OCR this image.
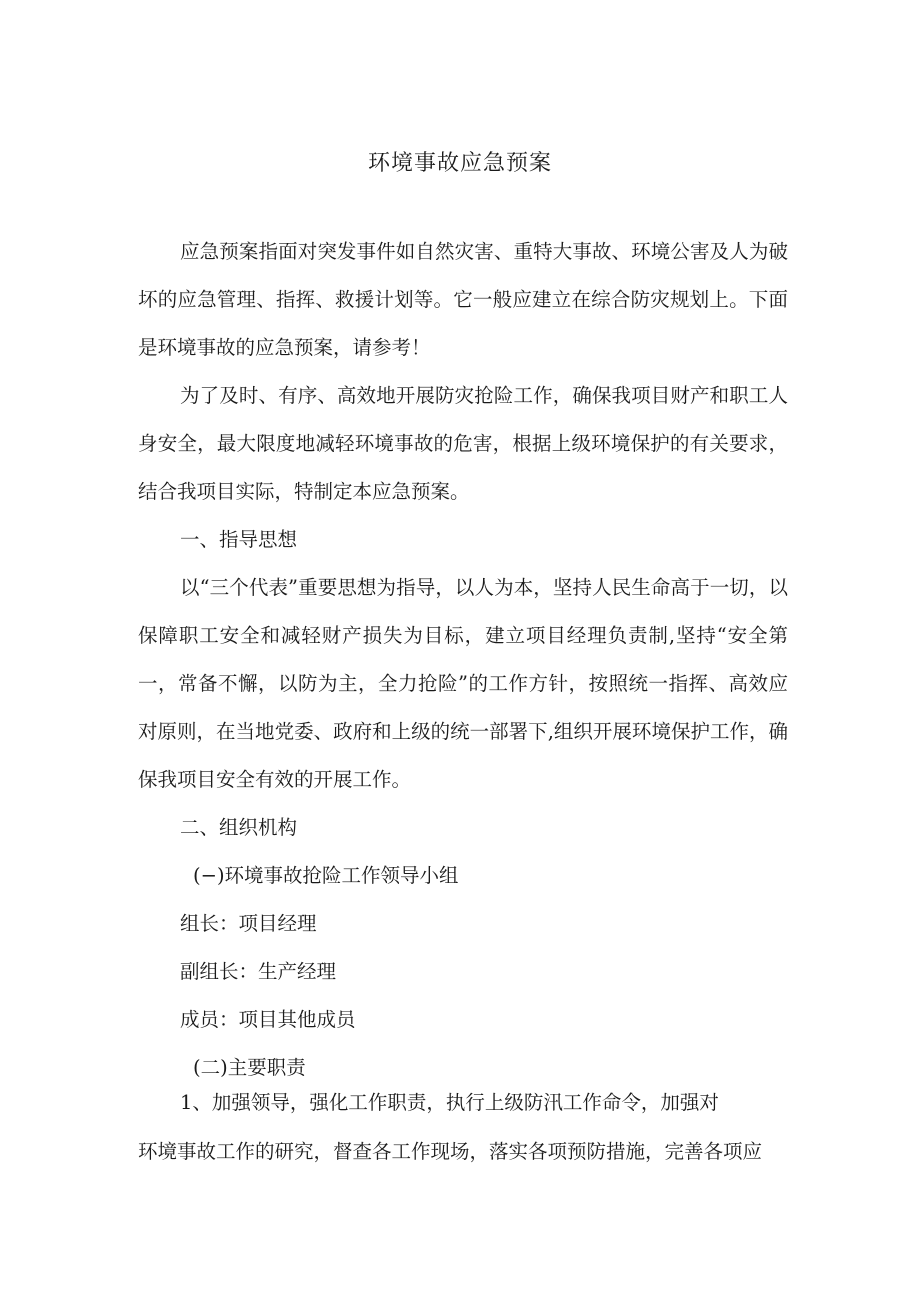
环境事故应急预案
应急预案指面对突发事件如自然灾害、重特大事故、环境公害及人为破坏的应急管理、指挥、救援计划等。它一般应建立在综合防灾规划上。下面是环境事故的应急预案，请参考！
为了及时、有序、高效地开展防灾抢险工作，确保我项目财产和职工人身安全，最大限度地减轻环境事故的危害，根据上级环境保护的有关要求，结合我项目实际，特制定本应急预案。
一、指导思想
以“三个代表”重要思想为指导，以人为本，坚持人民生命高于一切，以保障职工安全和减轻财产损失为目标，建立项目经理负责制,坚持“安全第一，常备不懈，以防为主，全力抢险”的工作方针，按照统一指挥、高效应对原则，在当地党委、政府和上级的统一部署下,组织开展环境保护工作，确保我项目安全有效的开展工作。
二、组织机构
(−)环境事故抢险工作领导小组
组长：项目经理
副组长：生产经理
成员：项目其他成员
(二)主要职责
1、加强领导，强化工作职责，执行上级防汛工作命令，加强对
环境事故工作的研究，督查各工作现场，落实各项预防措施，完善各项应
